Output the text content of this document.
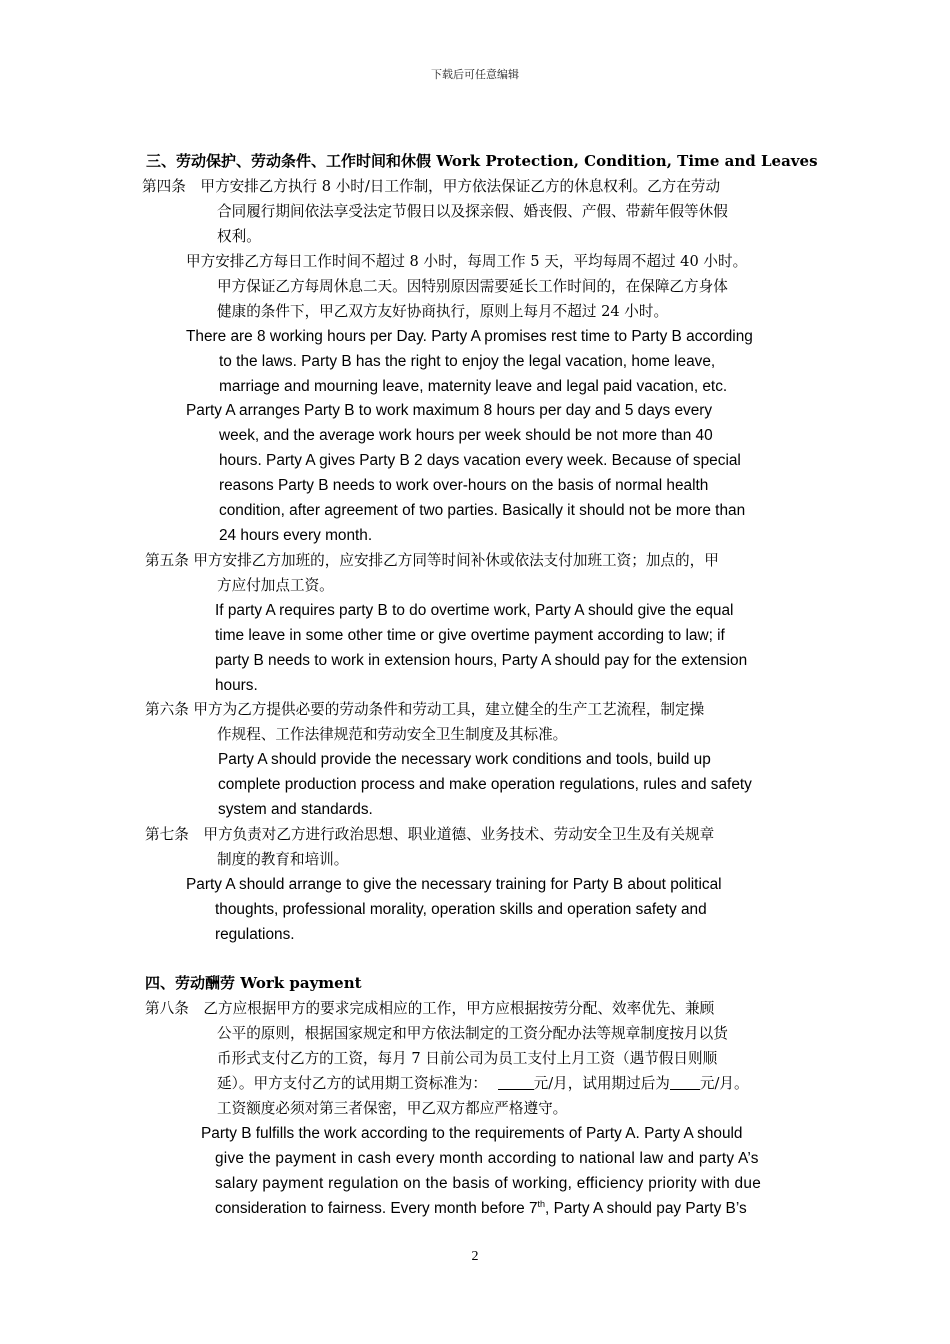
下载后可任意编辑
三、劳动保护、劳动条件、工作时间和休假 Work Protection, Condition, Time and Leaves
第四条　甲方安排乙方执行 8 小时/日工作制，甲方依法保证乙方的休息权利。乙方在劳动
合同履行期间依法享受法定节假日以及探亲假、婚丧假、产假、带薪年假等休假
权利。
甲方安排乙方每日工作时间不超过 8 小时，每周工作 5 天，平均每周不超过 40 小时。
甲方保证乙方每周休息二天。因特别原因需要延长工作时间的，在保障乙方身体
健康的条件下，甲乙双方友好协商执行，原则上每月不超过 24 小时。
There are 8 working hours per Day. Party A promises rest time to Party B according
to the laws. Party B has the right to enjoy the legal vacation, home leave,
marriage and mourning leave, maternity leave and legal paid vacation, etc.
Party A arranges Party B to work maximum 8 hours per day and 5 days every
week, and the average work hours per week should be not more than 40
hours. Party A gives Party B 2 days vacation every week. Because of special
reasons Party B needs to work over-hours on the basis of normal health
condition, after agreement of two parties. Basically it should not be more than
24 hours every month.
第五条 甲方安排乙方加班的，应安排乙方同等时间补休或依法支付加班工资；加点的，甲
方应付加点工资。
If party A requires party B to do overtime work, Party A should give the equal
time leave in some other time or give overtime payment according to law; if
party B needs to work in extension hours, Party A should pay for the extension
hours.
第六条 甲方为乙方提供必要的劳动条件和劳动工具，建立健全的生产工艺流程，制定操
作规程、工作法律规范和劳动安全卫生制度及其标准。
Party A should provide the necessary work conditions and tools, build up
complete production process and make operation regulations, rules and safety
system and standards.
第七条　甲方负责对乙方进行政治思想、职业道德、业务技术、劳动安全卫生及有关规章
制度的教育和培训。
Party A should arrange to give the necessary training for Party B about political
thoughts, professional morality, operation skills and operation safety and
regulations.
四、劳动酬劳 Work payment
第八条　乙方应根据甲方的要求完成相应的工作，甲方应根据按劳分配、效率优先、兼顾
公平的原则，根据国家规定和甲方依法制定的工资分配办法等规章制度按月以货
币形式支付乙方的工资，每月 7 日前公司为员工支付上月工资（遇节假日则顺
延）。甲方支付乙方的试用期工资标准为：	元/月，试用期过后为 元/月。
工资额度必须对第三者保密，甲乙双方都应严格遵守。
Party B fulfills the work according to the requirements of Party A. Party A should
give the payment in cash every month according to national law and party A’s
salary payment regulation on the basis of working, efficiency priority with due
consideration to fairness. Every month before 7th, Party A should pay Party B’s
2
